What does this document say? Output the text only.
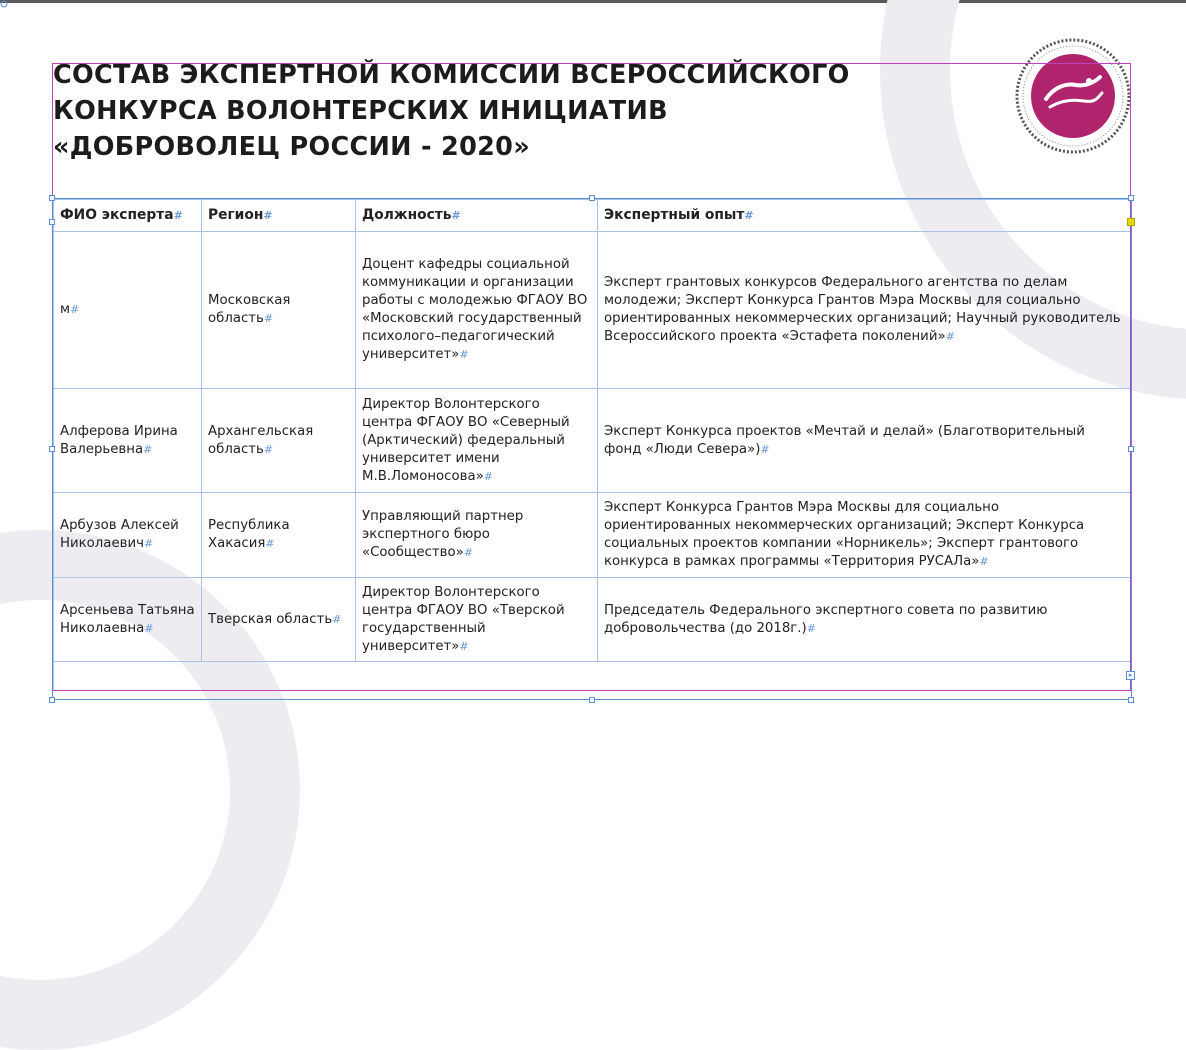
СОСТАВ ЭКСПЕРТНОЙ КОМИССИИ ВСЕРОССИЙСКОГО
КОНКУРСА ВОЛОНТЕРСКИХ ИНИЦИАТИВ
«ДОБРОВОЛЕЦ РОССИИ - 2020»
ФИО эксперта#	Регион#	Должность#	Экспертный опыт#
м#	Московская область#	Доцент кафедры социальной коммуникации и организации работы с молодежью ФГАОУ ВО «Московский государственный психолого–педагогический университет»#	Эксперт грантовых конкурсов Федерального агентства по делам молодежи; Эксперт Конкурса Грантов Мэра Москвы для социально ориентированных некоммерческих организаций; Научный руководитель Всероссийского проекта «Эстафета поколений»#
Алферова Ирина Валерьевна#	Архангельская область#	Директор Волонтерского центра ФГАОУ ВО «Северный (Арктический) федеральный университет имени М.В.Ломоносова»#	Эксперт Конкурса проектов «Мечтай и делай» (Благотворительный фонд «Люди Севера»)#
Арбузов Алексей Николаевич#	Республика Хакасия#	Управляющий партнер экспертного бюро «Сообщество»#	Эксперт Конкурса Грантов Мэра Москвы для социально ориентированных некоммерческих организаций; Эксперт Конкурса социальных проектов компании «Норникель»; Эксперт грантового конкурса в рамках программы «Территория РУСАЛа»#
Арсеньева Татьяна Николаевна#	Тверская область#	Директор Волонтерского центра ФГАОУ ВО «Тверской государственный университет»#	Председатель Федерального экспертного совета по развитию добровольчества (до 2018г.)#

▸
